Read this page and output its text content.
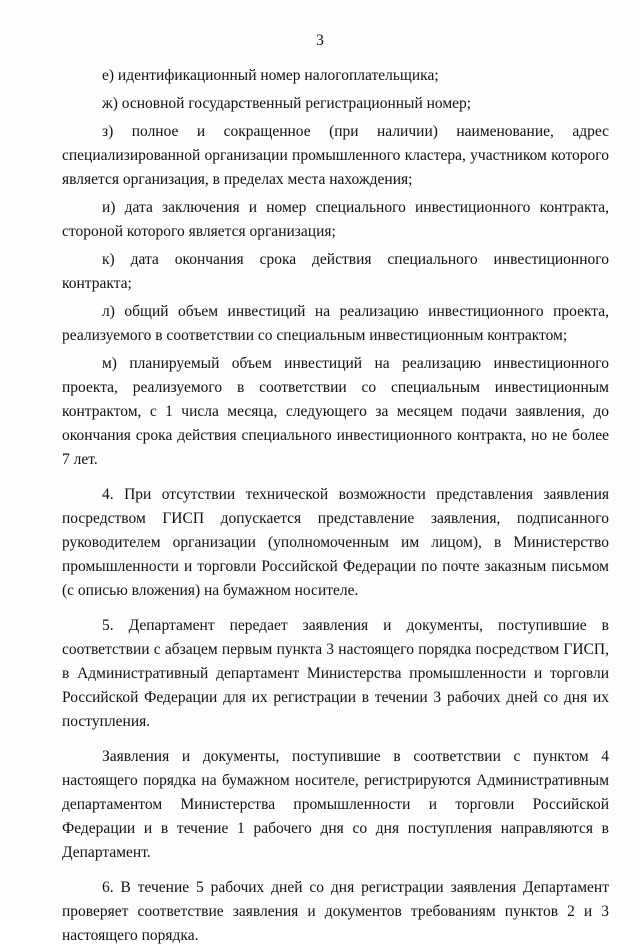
3

е) идентификационный номер налогоплательщика;

ж) основной государственный регистрационный номер;

з) полное и сокращенное (при наличии) наименование, адрес специализированной организации промышленного кластера, участником которого является организация, в пределах места нахождения;

и) дата заключения и номер специального инвестиционного контракта, стороной которого является организация;

к) дата окончания срока действия специального инвестиционного контракта;

л) общий объем инвестиций на реализацию инвестиционного проекта, реализуемого в соответствии со специальным инвестиционным контрактом;

м) планируемый объем инвестиций на реализацию инвестиционного проекта, реализуемого в соответствии со специальным инвестиционным контрактом, с 1 числа месяца, следующего за месяцем подачи заявления, до окончания срока действия специального инвестиционного контракта, но не более 7 лет.

4. При отсутствии технической возможности представления заявления посредством ГИСП допускается представление заявления, подписанного руководителем организации (уполномоченным им лицом), в Министерство промышленности и торговли Российской Федерации по почте заказным письмом (с описью вложения) на бумажном носителе.

5. Департамент передает заявления и документы, поступившие в соответствии с абзацем первым пункта 3 настоящего порядка посредством ГИСП, в Административный департамент Министерства промышленности и торговли Российской Федерации для их регистрации в течении 3 рабочих дней со дня их поступления.

Заявления и документы, поступившие в соответствии с пунктом 4 настоящего порядка на бумажном носителе, регистрируются Административным департаментом Министерства промышленности и торговли Российской Федерации и в течение 1 рабочего дня со дня поступления направляются в Департамент.

6. В течение 5 рабочих дней со дня регистрации заявления Департамент проверяет соответствие заявления и документов требованиям пунктов 2 и 3 настоящего порядка.
